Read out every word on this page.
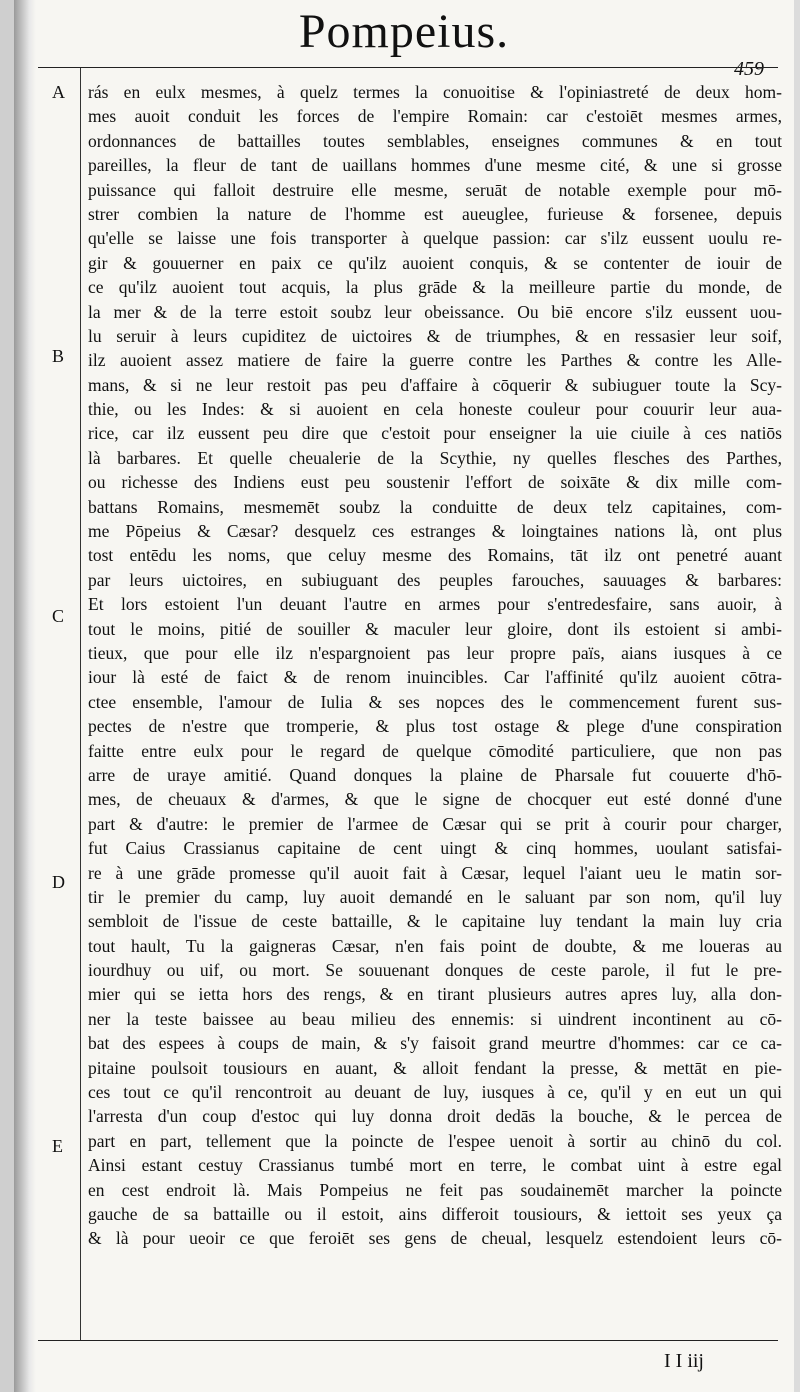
Pompeius.
459
A
B
C
D
E
rás en eulx mesmes, à quelz termes la conuoitise & l'opiniastreté de deux hom-
mes auoit conduit les forces de l'empire Romain: car c'estoiēt mesmes armes,
ordonnances de battailles toutes semblables, enseignes communes & en tout
pareilles, la fleur de tant de uaillans hommes d'une mesme cité, & une si grosse
puissance qui falloit destruire elle mesme, seruāt de notable exemple pour mō-
strer combien la nature de l'homme est aueuglee, furieuse & forsenee, depuis
qu'elle se laisse une fois transporter à quelque passion: car s'ilz eussent uoulu re-
gir & gouuerner en paix ce qu'ilz auoient conquis, & se contenter de iouir de
ce qu'ilz auoient tout acquis, la plus grāde & la meilleure partie du monde, de
la mer & de la terre estoit soubz leur obeissance. Ou biē encore s'ilz eussent uou-
lu seruir à leurs cupiditez de uictoires & de triumphes, & en ressasier leur soif,
ilz auoient assez matiere de faire la guerre contre les Parthes & contre les Alle-
mans, & si ne leur restoit pas peu d'affaire à cōquerir & subiuguer toute la Scy-
thie, ou les Indes: & si auoient en cela honeste couleur pour couurir leur aua-
rice, car ilz eussent peu dire que c'estoit pour enseigner la uie ciuile à ces natiōs
là barbares. Et quelle cheualerie de la Scythie, ny quelles flesches des Parthes,
ou richesse des Indiens eust peu soustenir l'effort de soixāte & dix mille com-
battans Romains, mesmemēt soubz la conduitte de deux telz capitaines, com-
me Pōpeius & Cæsar? desquelz ces estranges & loingtaines nations là, ont plus
tost entēdu les noms, que celuy mesme des Romains, tāt ilz ont penetré auant
par leurs uictoires, en subiuguant des peuples farouches, sauuages & barbares:
Et lors estoient l'un deuant l'autre en armes pour s'entredesfaire, sans auoir, à
tout le moins, pitié de souiller & maculer leur gloire, dont ils estoient si ambi-
tieux, que pour elle ilz n'espargnoient pas leur propre païs, aians iusques à ce
iour là esté de faict & de renom inuincibles. Car l'affinité qu'ilz auoient cōtra-
ctee ensemble, l'amour de Iulia & ses nopces des le commencement furent sus-
pectes de n'estre que tromperie, & plus tost ostage & plege d'une conspiration
faitte entre eulx pour le regard de quelque cōmodité particuliere, que non pas
arre de uraye amitié. Quand donques la plaine de Pharsale fut couuerte d'hō-
mes, de cheuaux & d'armes, & que le signe de chocquer eut esté donné d'une
part & d'autre: le premier de l'armee de Cæsar qui se prit à courir pour charger,
fut Caius Crassianus capitaine de cent uingt & cinq hommes, uoulant satisfai-
re à une grāde promesse qu'il auoit fait à Cæsar, lequel l'aiant ueu le matin sor-
tir le premier du camp, luy auoit demandé en le saluant par son nom, qu'il luy
sembloit de l'issue de ceste battaille, & le capitaine luy tendant la main luy cria
tout hault, Tu la gaigneras Cæsar, n'en fais point de doubte, & me loueras au
iourdhuy ou uif, ou mort. Se souuenant donques de ceste parole, il fut le pre-
mier qui se ietta hors des rengs, & en tirant plusieurs autres apres luy, alla don-
ner la teste baissee au beau milieu des ennemis: si uindrent incontinent au cō-
bat des espees à coups de main, & s'y faisoit grand meurtre d'hommes: car ce ca-
pitaine poulsoit tousiours en auant, & alloit fendant la presse, & mettāt en pie-
ces tout ce qu'il rencontroit au deuant de luy, iusques à ce, qu'il y en eut un qui
l'arresta d'un coup d'estoc qui luy donna droit dedās la bouche, & le percea de
part en part, tellement que la poincte de l'espee uenoit à sortir au chinō du col.
Ainsi estant cestuy Crassianus tumbé mort en terre, le combat uint à estre egal
en cest endroit là. Mais Pompeius ne feit pas soudainemēt marcher la poincte
gauche de sa battaille ou il estoit, ains differoit tousiours, & iettoit ses yeux ça
& là pour ueoir ce que feroiēt ses gens de cheual, lesquelz estendoient leurs cō-
I I iij
